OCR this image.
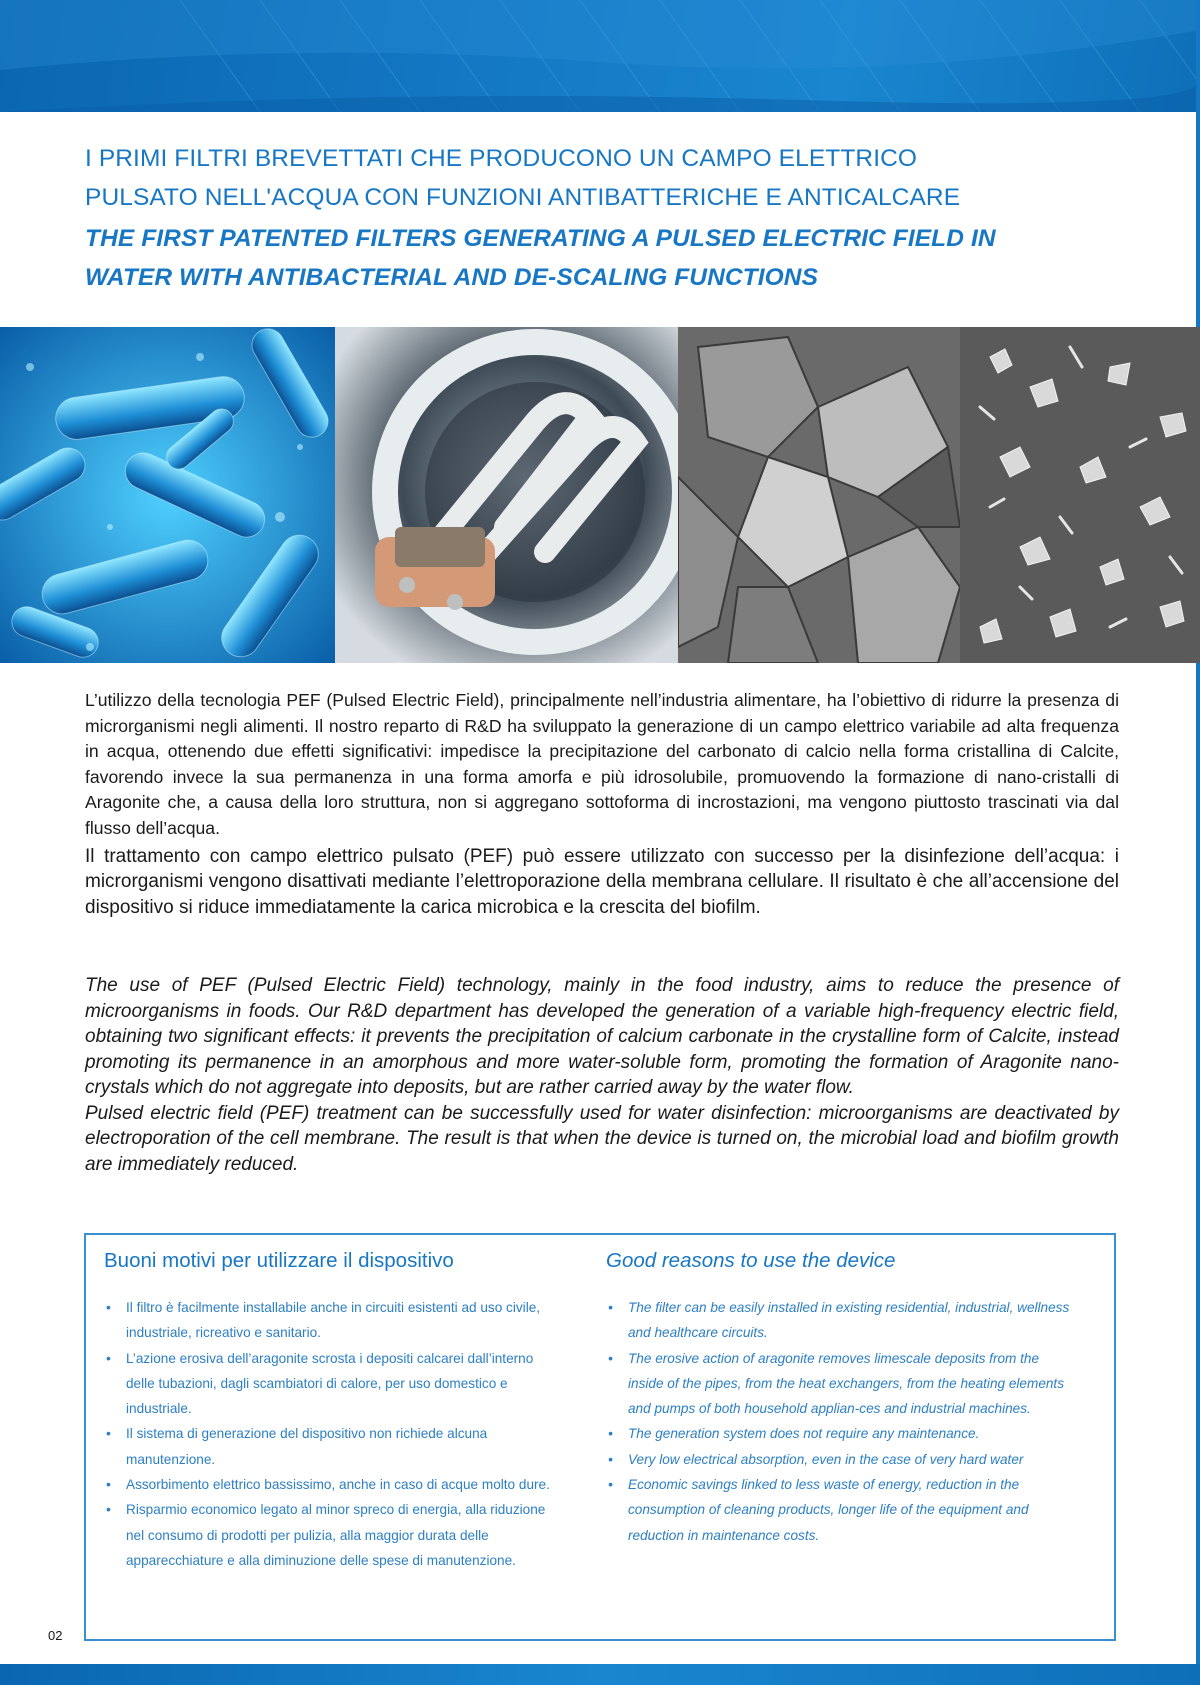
I PRIMI FILTRI BREVETTATI CHE PRODUCONO UN CAMPO ELETTRICO
PULSATO NELL'ACQUA CON FUNZIONI ANTIBATTERICHE E ANTICALCARE
THE FIRST PATENTED FILTERS GENERATING A PULSED ELECTRIC FIELD IN
WATER WITH ANTIBACTERIAL AND DE-SCALING FUNCTIONS

L’utilizzo della tecnologia PEF (Pulsed Electric Field), principalmente nell’industria alimentare, ha l’obiettivo di ridurre la presenza di microrganismi negli alimenti. Il nostro reparto di R&D ha sviluppato la generazione di un campo elettrico variabile ad alta frequenza in acqua, ottenendo due effetti significativi: impedisce la precipitazione del carbonato di calcio nella forma cristallina di Calcite, favorendo invece la sua permanenza in una forma amorfa e più idrosolubile, promuovendo la formazione di nano-cristalli di Aragonite che, a causa della loro struttura, non si aggregano sottoforma di incrostazioni, ma vengono piuttosto trascinati via dal flusso dell’acqua.

Il trattamento con campo elettrico pulsato (PEF) può essere utilizzato con successo per la disinfezione dell’acqua: i microrganismi vengono disattivati mediante l’elettroporazione della membrana cellulare. Il risultato è che all’accensione del dispositivo si riduce immediatamente la carica microbica e la crescita del biofilm.

The use of PEF (Pulsed Electric Field) technology, mainly in the food industry, aims to reduce the presence of microorganisms in foods. Our R&D department has developed the generation of a variable high-frequency electric field, obtaining two significant effects: it prevents the precipitation of calcium carbonate in the crystalline form of Calcite, instead promoting its permanence in an amorphous and more water-soluble form, promoting the formation of Aragonite nano-crystals which do not aggregate into deposits, but are rather carried away by the water flow.

Pulsed electric field (PEF) treatment can be successfully used for water disinfection: microorganisms are deactivated by electroporation of the cell membrane. The result is that when the device is turned on, the microbial load and biofilm growth are immediately reduced.

Buoni motivi per utilizzare il dispositivo
• Il filtro è facilmente installabile anche in circuiti esistenti ad uso civile, industriale, ricreativo e sanitario.
• L’azione erosiva dell’aragonite scrosta i depositi calcarei dall’interno delle tubazioni, dagli scambiatori di calore, per uso domestico e industriale.
• Il sistema di generazione del dispositivo non richiede alcuna manutenzione.
• Assorbimento elettrico bassissimo, anche in caso di acque molto dure.
• Risparmio economico legato al minor spreco di energia, alla riduzione nel consumo di prodotti per pulizia, alla maggior durata delle apparecchiature e alla diminuzione delle spese di manutenzione.
Good reasons to use the device
• The filter can be easily installed in existing residential, industrial, wellness and healthcare circuits.
• The erosive action of aragonite removes limescale deposits from the inside of the pipes, from the heat exchangers, from the heating elements and pumps of both household applian-ces and industrial machines.
• The generation system does not require any maintenance.
• Very low electrical absorption, even in the case of very hard water
• Economic savings linked to less waste of energy, reduction in the consumption of cleaning products, longer life of the equipment and reduction in maintenance costs.
02
